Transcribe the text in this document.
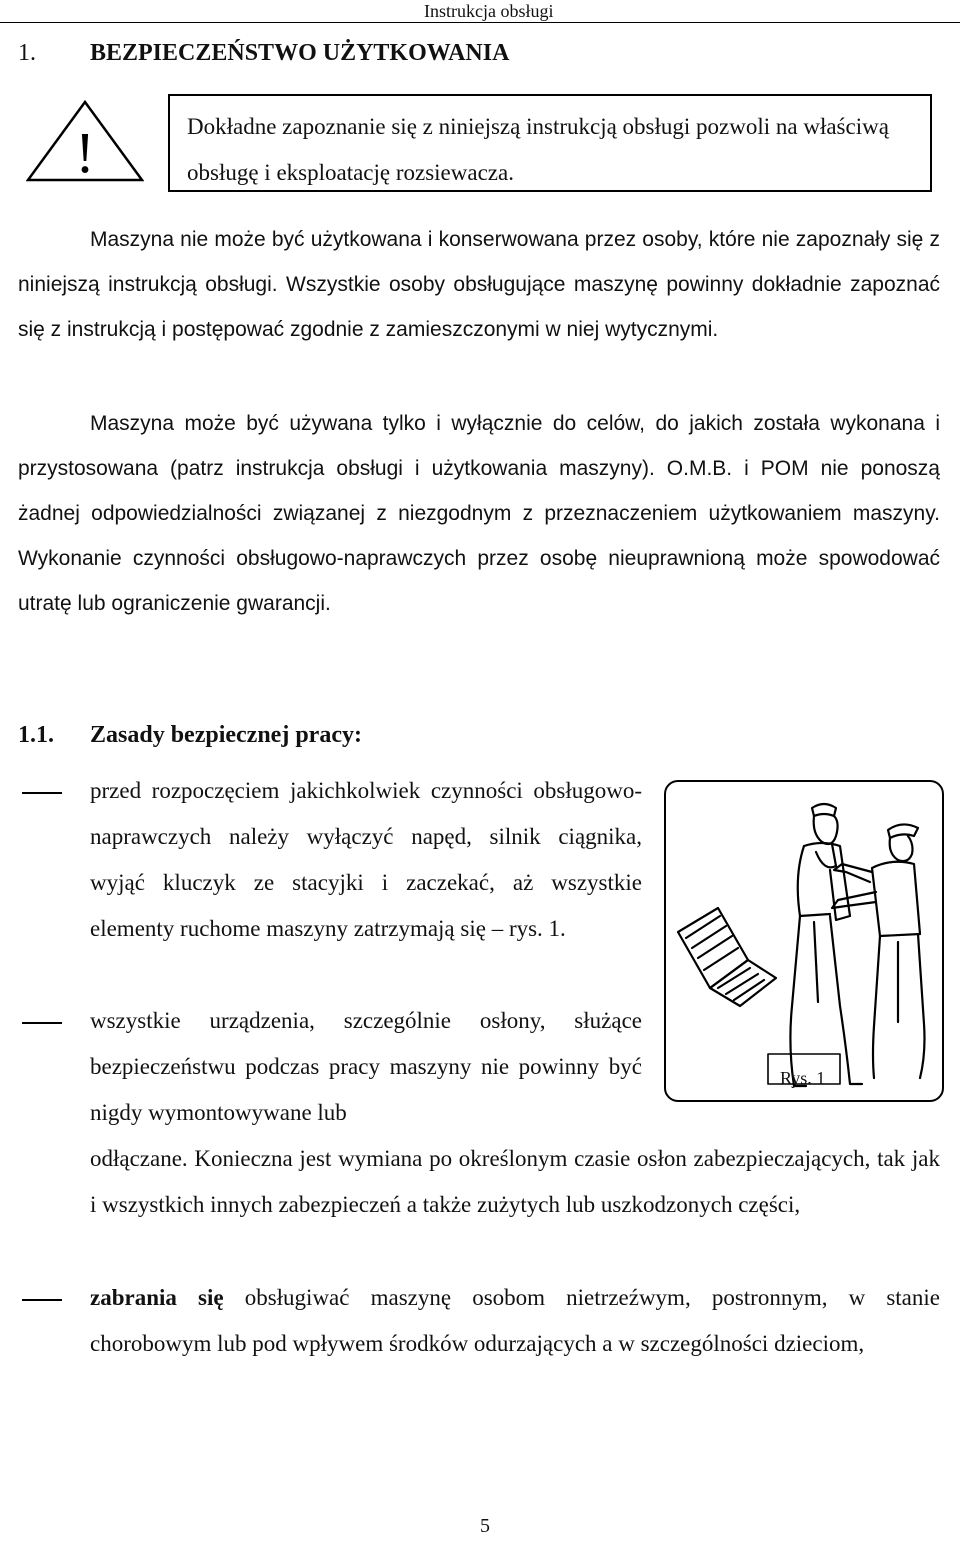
Instrukcja obsługi
1. BEZPIECZEŃSTWO UŻYTKOWANIA
!	Dokładne zapoznanie się z niniejszą instrukcją obsługi pozwoli na właściwą obsługę i eksploatację rozsiewacza.

Maszyna nie może być użytkowana i konserwowana przez osoby, które nie zapoznały się z niniejszą instrukcją obsługi. Wszystkie osoby obsługujące maszynę powinny dokładnie zapoznać się z instrukcją i postępować zgodnie z zamieszczonymi w niej wytycznymi.

Maszyna może być używana tylko i wyłącznie do celów, do jakich została wykonana i przystosowana (patrz instrukcja obsługi i użytkowania maszyny). O.M.B. i POM nie ponoszą żadnej odpowiedzialności związanej z niezgodnym z przeznaczeniem użytkowaniem maszyny. Wykonanie czynności obsługowo-naprawczych przez osobę nieuprawnioną może spowodować utratę lub ograniczenie gwarancji.

1.1. Zasady bezpiecznej pracy:

przed rozpoczęciem jakichkolwiek czynności obsługowo-naprawczych należy wyłączyć napęd, silnik ciągnika, wyjąć kluczyk ze stacyjki i zaczekać, aż wszystkie elementy ruchome maszyny zatrzymają się – rys. 1.

wszystkie urządzenia, szczególnie osłony, służące bezpieczeństwu podczas pracy maszyny nie powinny być nigdy wymontowywane lub

odłączane. Konieczna jest wymiana po określonym czasie osłon zabezpieczających, tak jak i wszystkich innych zabezpieczeń a także zużytych lub uszkodzonych części,

zabrania się obsługiwać maszynę osobom nietrzeźwym, postronnym, w stanie chorobowym lub pod wpływem środków odurzających a w szczególności dzieciom,

Rys. 1
5
